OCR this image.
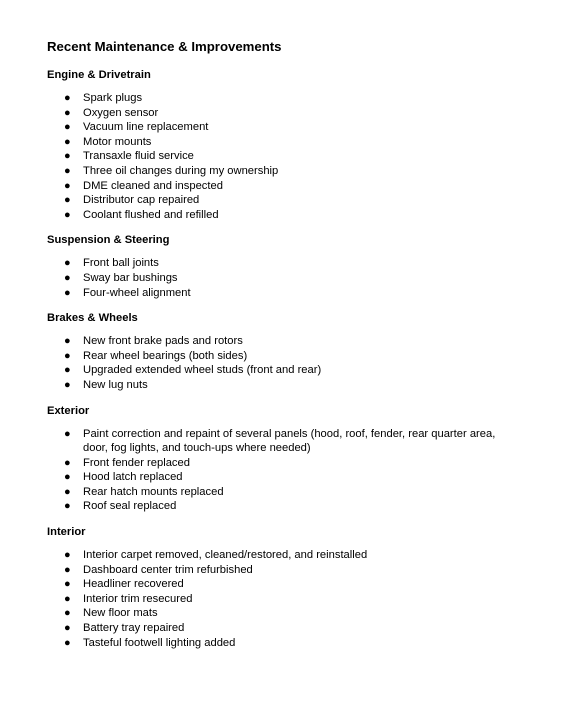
Recent Maintenance & Improvements
Engine & Drivetrain
● Spark plugs
● Oxygen sensor
● Vacuum line replacement
● Motor mounts
● Transaxle fluid service
● Three oil changes during my ownership
● DME cleaned and inspected
● Distributor cap repaired
● Coolant flushed and refilled
Suspension & Steering
● Front ball joints
● Sway bar bushings
● Four-wheel alignment
Brakes & Wheels
● New front brake pads and rotors
● Rear wheel bearings (both sides)
● Upgraded extended wheel studs (front and rear)
● New lug nuts
Exterior
● Paint correction and repaint of several panels (hood, roof, fender, rear quarter area, door, fog lights, and touch-ups where needed)
● Front fender replaced
● Hood latch replaced
● Rear hatch mounts replaced
● Roof seal replaced
Interior
● Interior carpet removed, cleaned/restored, and reinstalled
● Dashboard center trim refurbished
● Headliner recovered
● Interior trim resecured
● New floor mats
● Battery tray repaired
● Tasteful footwell lighting added
